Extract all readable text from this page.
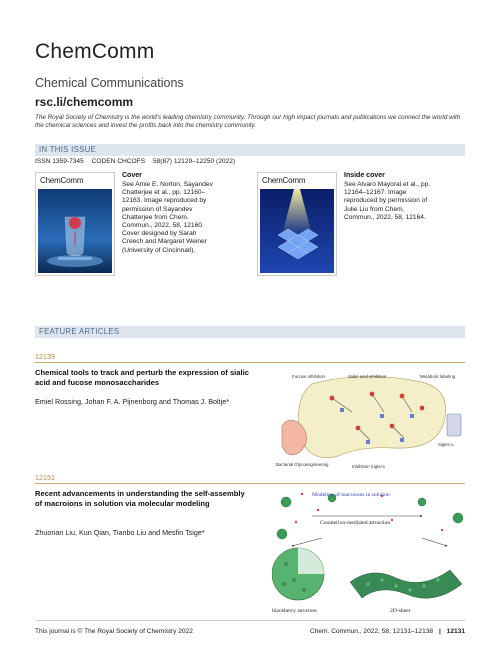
ChemComm
Chemical Communications
rsc.li/chemcomm
The Royal Society of Chemistry is the world's leading chemistry community. Through our high impact journals and publications we connect the world with the chemical sciences and invest the profits back into the chemistry community.
IN THIS ISSUE
ISSN 1359-7345 CODEN CHCOFS 58(87) 12129–12250 (2022)
ChemComm
Cover
See Amie E. Norton, Sayandev Chatterjee et al., pp. 12160–12163. Image reproduced by permission of Sayandev Chatterjee from Chem. Commun., 2022, 58, 12160. Cover designed by Sarah Creech and Margaret Weiner (University of Cincinnati).
ChemComm
Inside cover
See Alvaro Mayoral et al., pp. 12164–12167. Image reproduced by permission of Julie Liu from Chem. Commun., 2022, 58, 12164.
FEATURE ARTICLES
12139
Chemical tools to track and perturb the expression of sialic acid and fucose monosaccharides
Emiel Rossing, Johan F. A. Pijnenborg and Thomas J. Boltje*
Fucose inhibition	Sialic acid inhibition	Metabolic labeling
Bacterial Glycoengineering	Inhibition Siglecs
Siglec-L
12151
Recent advancements in understanding the self-assembly of macroions in solution via molecular modeling
Zhuonan Liu, Kun Qian, Tianbo Liu and Mesfin Tsige*
Modeling of macroions in solution
Counterion-mediated attraction
blackberry structure	2D-sheet
This journal is © The Royal Society of Chemistry 2022	Chem. Commun., 2022, 58, 12131–12138 | 12131
